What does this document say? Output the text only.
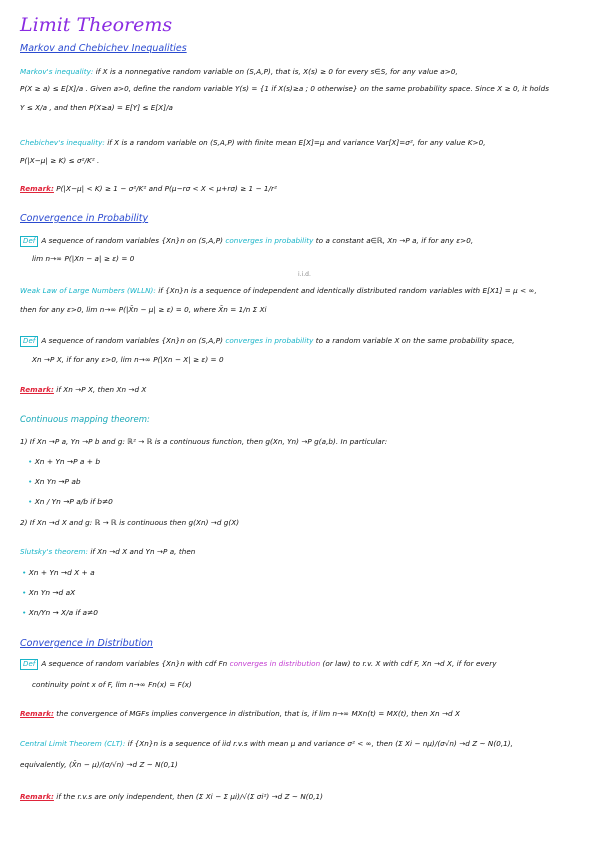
Limit Theorems
Markov and Chebichev Inequalities
Markov's inequality: if X is a nonnegative random variable on (S,A,P), that is, X(s) ≥ 0 for every s∈S, for any value a>0,
P(X ≥ a) ≤ E[X]/a . Given a>0, define the random variable Y(s) = {1 if X(s)≥a ; 0 otherwise} on the same probability space. Since X ≥ 0, it holds
Y ≤ X/a , and then P(X≥a) = E[Y] ≤ E[X]/a
Chebichev's inequality: if X is a random variable on (S,A,P) with finite mean E[X]=μ and variance Var[X]=σ², for any value K>0,
P(|X−μ| ≥ K) ≤ σ²/K² .
Remark: P(|X−μ| < K) ≥ 1 − σ²/K² and P(μ−rσ < X < μ+rσ) ≥ 1 − 1/r²
Convergence in Probability
Def A sequence of random variables {Xn}n on (S,A,P) converges in probability to a constant a∈ℝ, Xn →P a, if for any ε>0,
lim n→∞ P(|Xn − a| ≥ ε) = 0
i.i.d.
Weak Law of Large Numbers (WLLN): if {Xn}n is a sequence of independent and identically distributed random variables with E[X1] = μ < ∞,
then for any ε>0, lim n→∞ P(|X̄n − μ| ≥ ε) = 0, where X̄n = 1/n Σ Xi
Def A sequence of random variables {Xn}n on (S,A,P) converges in probability to a random variable X on the same probability space,
Xn →P X, if for any ε>0, lim n→∞ P(|Xn − X| ≥ ε) = 0
Remark: if Xn →P X, then Xn →d X
Continuous mapping theorem:
1) If Xn →P a, Yn →P b and g: ℝ² → ℝ is a continuous function, then g(Xn, Yn) →P g(a,b). In particular:
• Xn + Yn →P a + b
• Xn Yn →P ab
• Xn / Yn →P a/b if b≠0
2) If Xn →d X and g: ℝ → ℝ is continuous then g(Xn) →d g(X)
Slutsky's theorem: if Xn →d X and Yn →P a, then
• Xn + Yn →d X + a
• Xn Yn →d aX
• Xn/Yn → X/a if a≠0
Convergence in Distribution
Def A sequence of random variables {Xn}n with cdf Fn converges in distribution (or law) to r.v. X with cdf F, Xn →d X, if for every
continuity point x of F, lim n→∞ Fn(x) = F(x)
Remark: the convergence of MGFs implies convergence in distribution, that is, if lim n→∞ MXn(t) = MX(t), then Xn →d X
Central Limit Theorem (CLT): if {Xn}n is a sequence of iid r.v.s with mean μ and variance σ² < ∞, then (Σ Xi − nμ)/(σ√n) →d Z ~ N(0,1),
equivalently, (X̄n − μ)/(σ/√n) →d Z ~ N(0,1)
Remark: if the r.v.s are only independent, then (Σ Xi − Σ μi)/√(Σ σi²) →d Z ~ N(0,1)
